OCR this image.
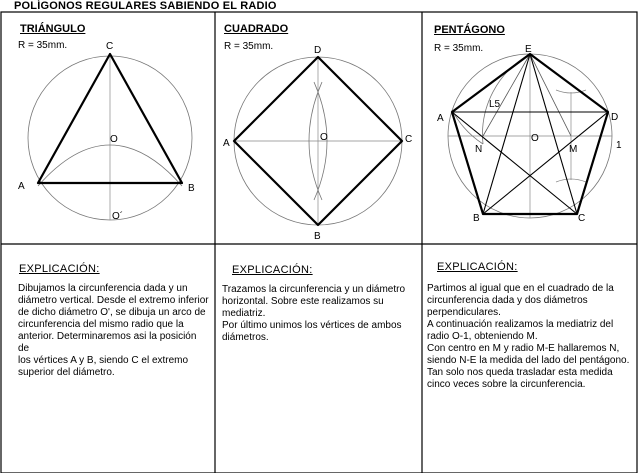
POLÍGONOS REGULARES SABIENDO EL RADIO
C
O
A	B
O´
D
O
A	C
B
E
L5
A	D
N
O
M	1
B	C
TRIÁNGULO
R = 35mm.
CUADRADO
R = 35mm.
PENTÁGONO
R = 35mm.
EXPLICACIÓN:

Dibujamos la circunferencia dada y un
diámetro vertical. Desde el extremo inferior
de dicho diámetro O', se dibuja un arco de
circunferencia del mismo radio que la
anterior. Determinaremos asi la posición de
los vértices A y B, siendo C el extremo
superior del diámetro.

EXPLICACIÓN:

Trazamos la circunferencia y un diámetro
horizontal. Sobre este realizamos su
mediatriz.
Por último unimos los vértices de ambos
diámetros.

EXPLICACIÓN:

Partimos al igual que en el cuadrado de la
circunferencia dada y dos diámetros
perpendiculares.
A continuación realizamos la mediatriz del
radio O-1, obteniendo M.
Con centro en M y radio M-E hallaremos N,
siendo N-E la medida del lado del pentágono.
Tan solo nos queda trasladar esta medida
cinco veces sobre la circunferencia.
